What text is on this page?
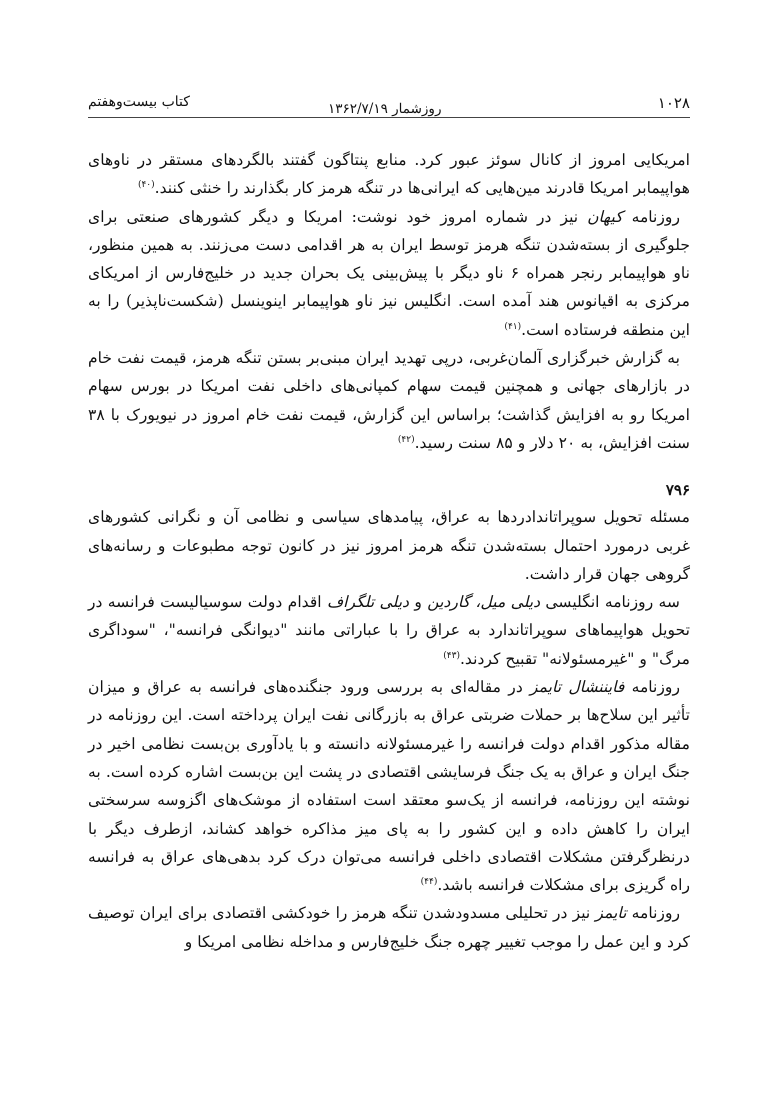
۱۰۲۸
روزشمار ۱۳۶۲/۷/۱۹
کتاب بیست‌وهفتم

امریکایی امروز از کانال سوئز عبور کرد. منابع پنتاگون گفتند بالگردهای مستقر در ناوهای هواپیمابر امریکا قادرند مین‌هایی که ایرانی‌ها در تنگه هرمز کار بگذارند را خنثی کنند.$^{(۴۰)}$

روزنامه کیهان نیز در شماره امروز خود نوشت: امریکا و دیگر کشورهای صنعتی برای جلوگیری از بسته‌شدن تنگه هرمز توسط ایران به هر اقدامی دست می‌زنند. به همین منظور، ناو هواپیمابر رنجر همراه ۶ ناو دیگر با پیش‌بینی یک بحران جدید در خلیج‌فارس از امریکای مرکزی به اقیانوس هند آمده است. انگلیس نیز ناو هواپیمابر اینوینسل (شکست‌ناپذیر) را به این منطقه فرستاده است.$^{(۴۱)}$

به گزارش خبرگزاری آلمان‌غربی، درپی تهدید ایران مبنی‌بر بستن تنگه هرمز، قیمت نفت خام در بازارهای جهانی و همچنین قیمت سهام کمپانی‌های داخلی نفت امریکا در بورس سهام امریکا رو به افزایش گذاشت؛ براساس این گزارش، قیمت نفت خام امروز در نیویورک با ۳۸ سنت افزایش، به ۲۰ دلار و ۸۵ سنت رسید.$^{(۴۲)}$

۷۹۶

مسئله تحویل سوپراتاندادردها به عراق، پیامدهای سیاسی و نظامی آن و نگرانی کشورهای غربی درمورد احتمال بسته‌شدن تنگه هرمز امروز نیز در کانون توجه مطبوعات و رسانه‌های گروهی جهان قرار داشت.

سه روزنامه انگلیسی دیلی میل، گاردین و دیلی تلگراف اقدام دولت سوسیالیست فرانسه در تحویل هواپیماهای سوپراتاندارد به عراق را با عباراتی مانند "دیوانگی فرانسه"، "سوداگری مرگ" و "غیرمسئولانه" تقبیح کردند.$^{(۴۳)}$

روزنامه فایننشال تایمز در مقاله‌ای به بررسی ورود جنگنده‌های فرانسه به عراق و میزان تأثیر این سلاح‌ها بر حملات ضربتی عراق به بازرگانی نفت ایران پرداخته است. این روزنامه در مقاله مذکور اقدام دولت فرانسه را غیرمسئولانه دانسته و با یادآوری بن‌بست نظامی اخیر در جنگ ایران و عراق به یک جنگ فرسایشی اقتصادی در پشت این بن‌بست اشاره کرده است. به نوشته این روزنامه، فرانسه از یک‌سو معتقد است استفاده از موشک‌های اگزوسه سرسختی ایران را کاهش داده و این کشور را به پای میز مذاکره خواهد کشاند، ازطرف دیگر با درنظرگرفتن مشکلات اقتصادی داخلی فرانسه می‌توان درک کرد بدهی‌های عراق به فرانسه راه گریزی برای مشکلات فرانسه باشد.$^{(۴۴)}$

روزنامه تایمز نیز در تحلیلی مسدودشدن تنگه هرمز را خودکشی اقتصادی برای ایران توصیف کرد و این عمل را موجب تغییر چهره جنگ خلیج‌فارس و مداخله نظامی امریکا و
